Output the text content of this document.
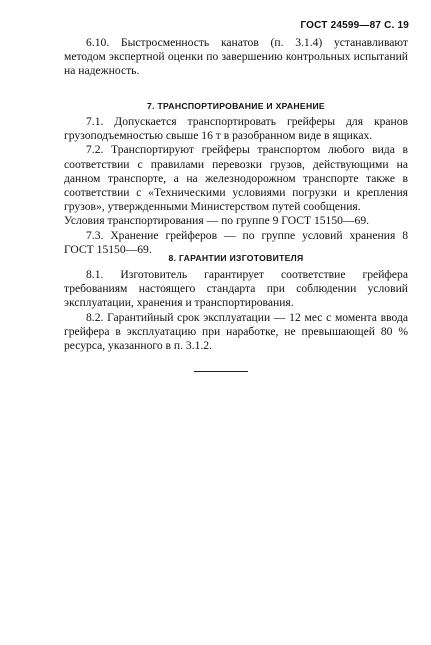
ГОСТ 24599—87 С. 19

6.10. Быстросменность канатов (п. 3.1.4) устанавливают методом экспертной оценки по завершению контрольных испытаний на надежность.

7. ТРАНСПОРТИРОВАНИЕ И ХРАНЕНИЕ

7.1. Допускается транспортировать грейферы для кранов грузоподъемностью свыше 16 т в разобранном виде в ящиках.

7.2. Транспортируют грейферы транспортом любого вида в соответствии с правилами перевозки грузов, действующими на данном транспорте, а на железнодорожном транспорте также в соответствии с «Техническими условиями погрузки и крепления грузов», утвержденными Министерством путей сообщения.

Условия транспортирования — по группе 9 ГОСТ 15150—69.

7.3. Хранение грейферов — по группе условий хранения 8 ГОСТ 15150—69.

8. ГАРАНТИИ ИЗГОТОВИТЕЛЯ

8.1. Изготовитель гарантирует соответствие грейфера требованиям настоящего стандарта при соблюдении условий эксплуатации, хранения и транспортирования.

8.2. Гарантийный срок эксплуатации — 12 мес с момента ввода грейфера в эксплуатацию при наработке, не превышающей 80 % ресурса, указанного в п. 3.1.2.
